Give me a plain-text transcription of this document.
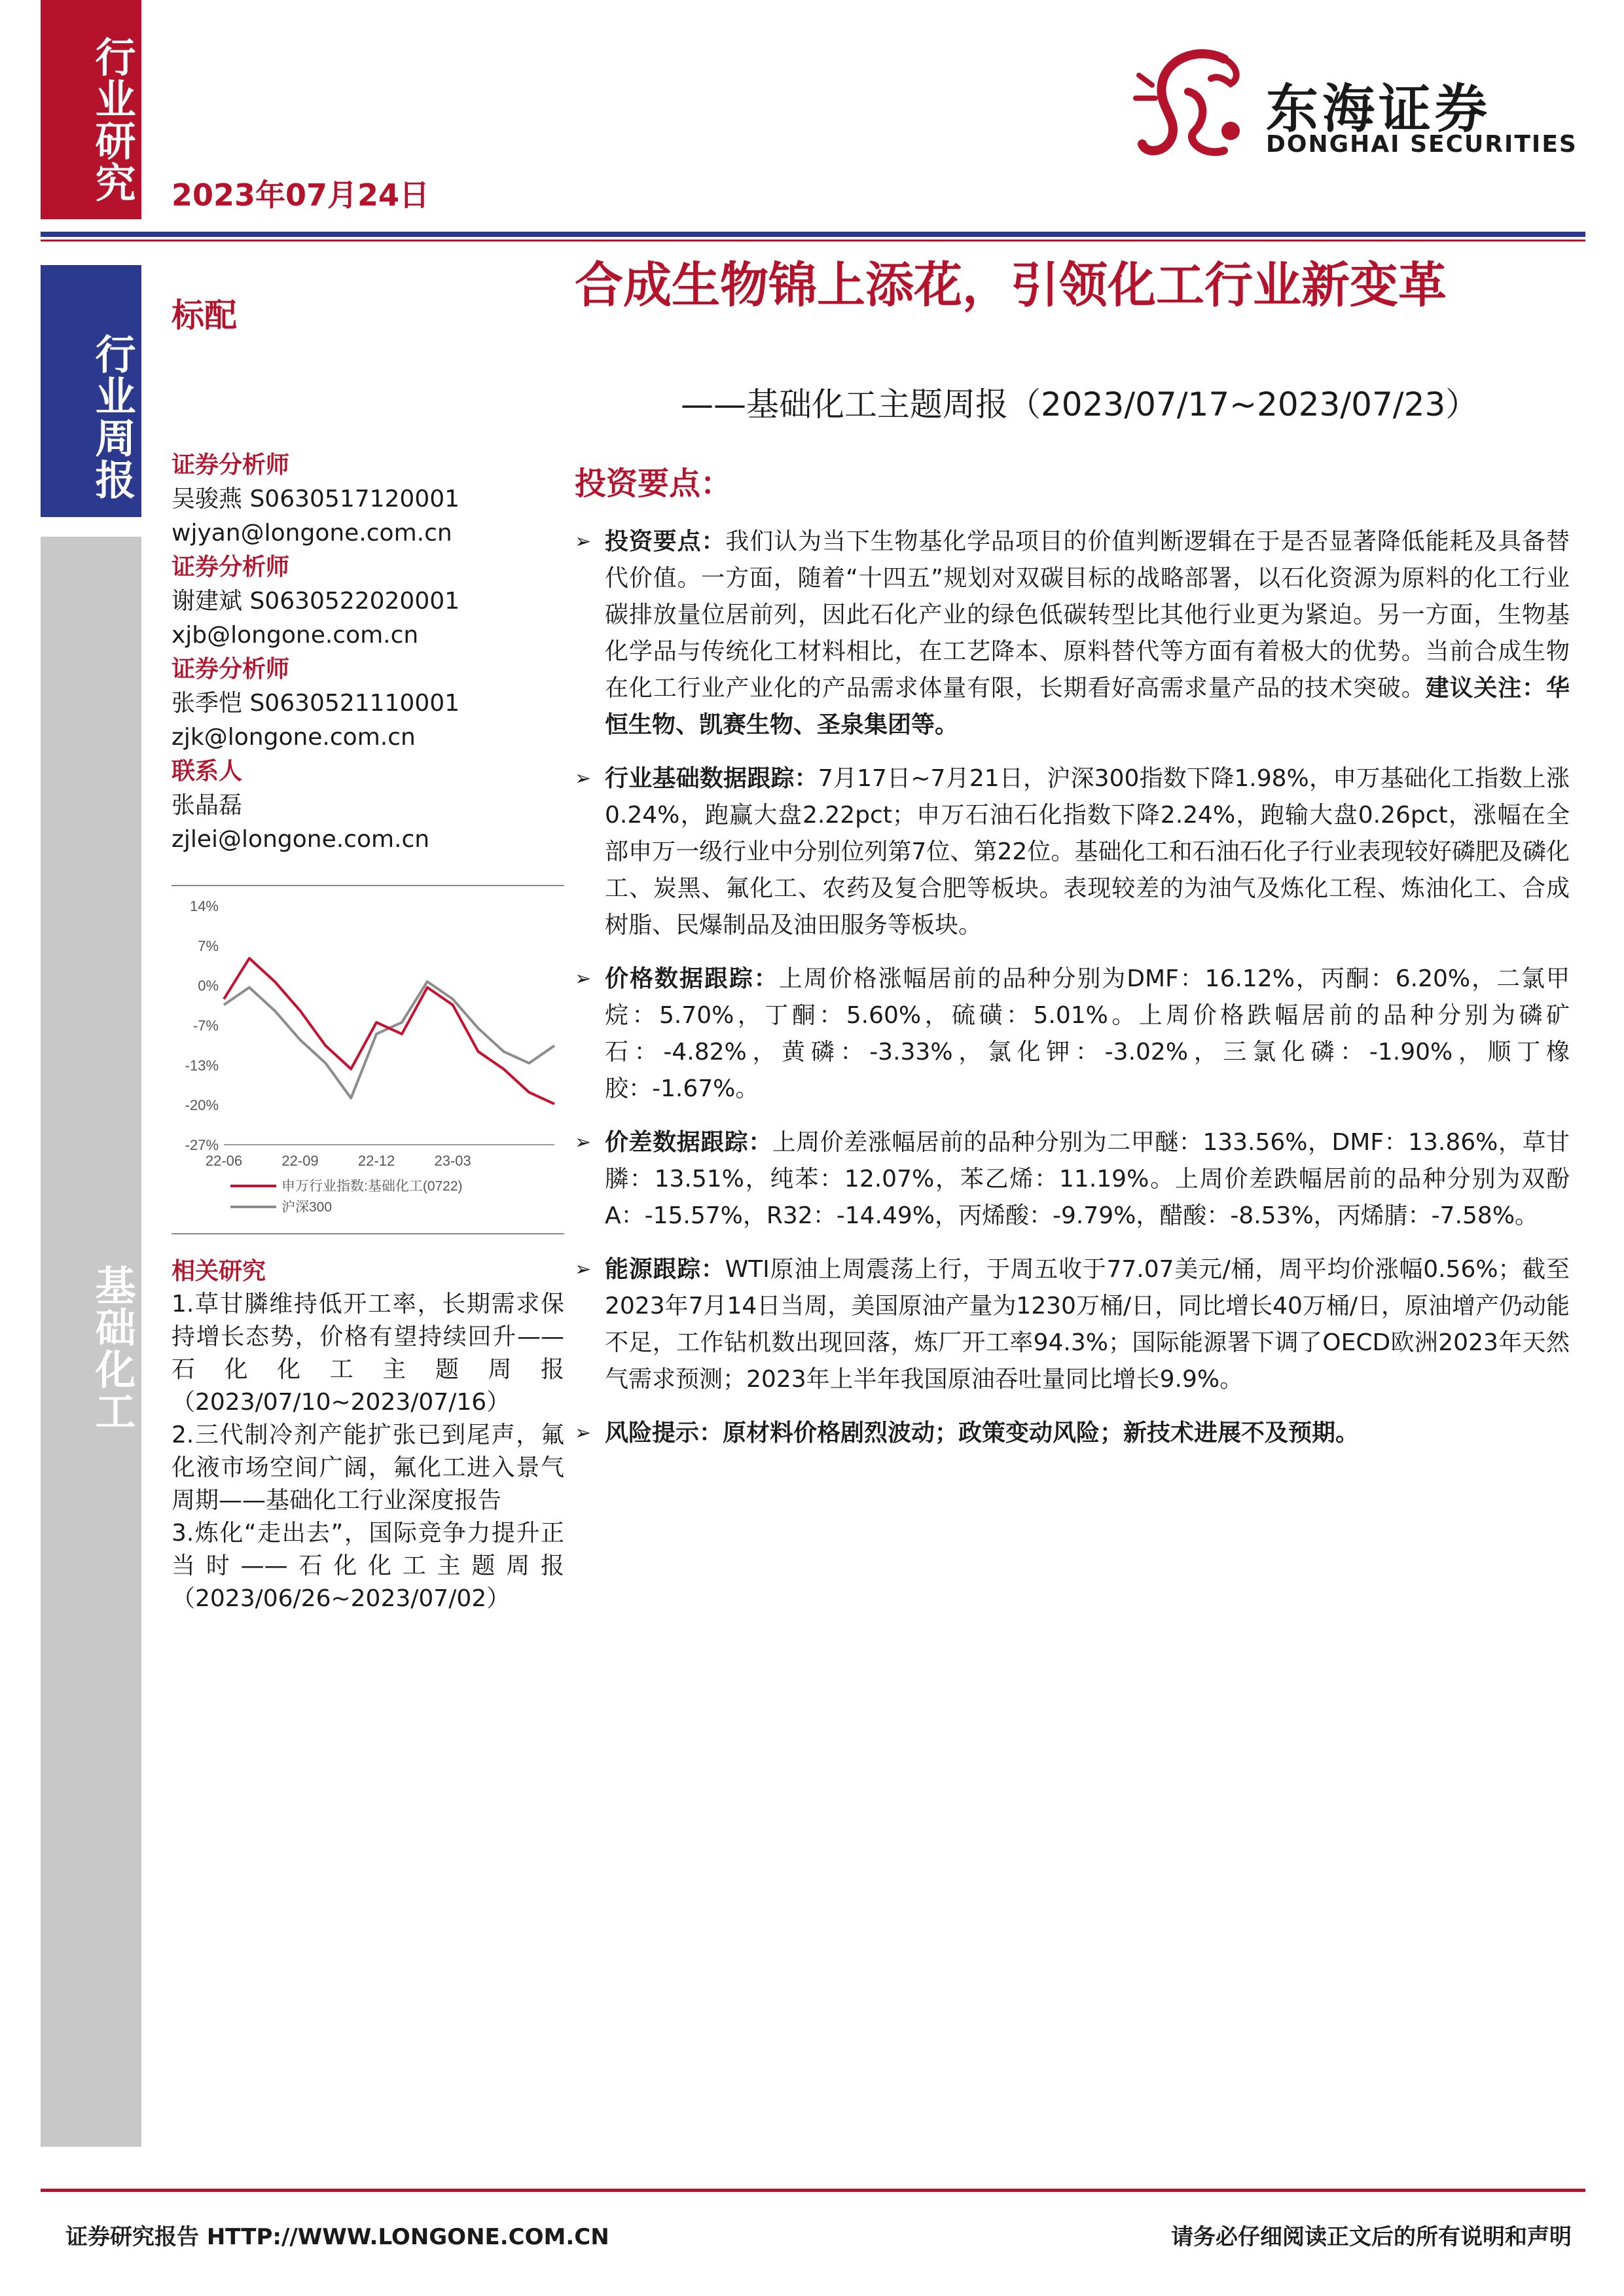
行业研究
行业周报
基础化工
2023年07月24日
东海证券
DONGHAI SECURITIES
标配
合成生物锦上添花，引领化工行业新变革
——基础化工主题周报（2023/07/17~2023/07/23）
证券分析师
吴骏燕 S0630517120001
wjyan@longone.com.cn
证券分析师
谢建斌 S0630522020001
xjb@longone.com.cn
证券分析师
张季恺 S0630521110001
zjk@longone.com.cn
联系人
张晶磊
zjlei@longone.com.cn
14%
7%
0%
-7%
-13%
-20%
-27%
22-06	22-09	22-12	23-03
申万行业指数:基础化工(0722)
沪深300
相关研究
1.草甘膦维持低开工率，长期需求保持增长态势，价格有望持续回升——石化化工主题周报（2023/07/10~2023/07/16）
2.三代制冷剂产能扩张已到尾声，氟化液市场空间广阔，氟化工进入景气周期——基础化工行业深度报告
3.炼化“走出去”，国际竞争力提升正当时——石化化工主题周报（2023/06/26~2023/07/02）
投资要点：
➢ 投资要点：我们认为当下生物基化学品项目的价值判断逻辑在于是否显著降低能耗及具备替代价值。一方面，随着“十四五”规划对双碳目标的战略部署，以石化资源为原料的化工行业碳排放量位居前列，因此石化产业的绿色低碳转型比其他行业更为紧迫。另一方面，生物基化学品与传统化工材料相比，在工艺降本、原料替代等方面有着极大的优势。当前合成生物在化工行业产业化的产品需求体量有限，长期看好高需求量产品的技术突破。建议关注：华恒生物、凯赛生物、圣泉集团等。
➢ 行业基础数据跟踪：7月17日~7月21日，沪深300指数下降1.98%，申万基础化工指数上涨0.24%，跑赢大盘2.22pct；申万石油石化指数下降2.24%，跑输大盘0.26pct，涨幅在全部申万一级行业中分别位列第7位、第22位。基础化工和石油石化子行业表现较好磷肥及磷化工、炭黑、氟化工、农药及复合肥等板块。表现较差的为油气及炼化工程、炼油化工、合成树脂、民爆制品及油田服务等板块。
➢ 价格数据跟踪：上周价格涨幅居前的品种分别为DMF：16.12%，丙酮：6.20%，二氯甲烷：5.70%，丁酮：5.60%，硫磺：5.01%。上周价格跌幅居前的品种分别为磷矿石：-4.82%，黄磷：-3.33%，氯化钾：-3.02%，三氯化磷：-1.90%，顺丁橡胶：-1.67%。
➢ 价差数据跟踪：上周价差涨幅居前的品种分别为二甲醚：133.56%，DMF：13.86%，草甘膦：13.51%，纯苯：12.07%，苯乙烯：11.19%。上周价差跌幅居前的品种分别为双酚A：-15.57%，R32：-14.49%，丙烯酸：-9.79%，醋酸：-8.53%，丙烯腈：-7.58%。
➢ 能源跟踪：WTI原油上周震荡上行，于周五收于77.07美元/桶，周平均价涨幅0.56%；截至2023年7月14日当周，美国原油产量为1230万桶/日，同比增长40万桶/日，原油增产仍动能不足，工作钻机数出现回落，炼厂开工率94.3%；国际能源署下调了OECD欧洲2023年天然气需求预测；2023年上半年我国原油吞吐量同比增长9.9%。
➢ 风险提示：原材料价格剧烈波动；政策变动风险；新技术进展不及预期。
证券研究报告 HTTP://WWW.LONGONE.COM.CN	请务必仔细阅读正文后的所有说明和声明
